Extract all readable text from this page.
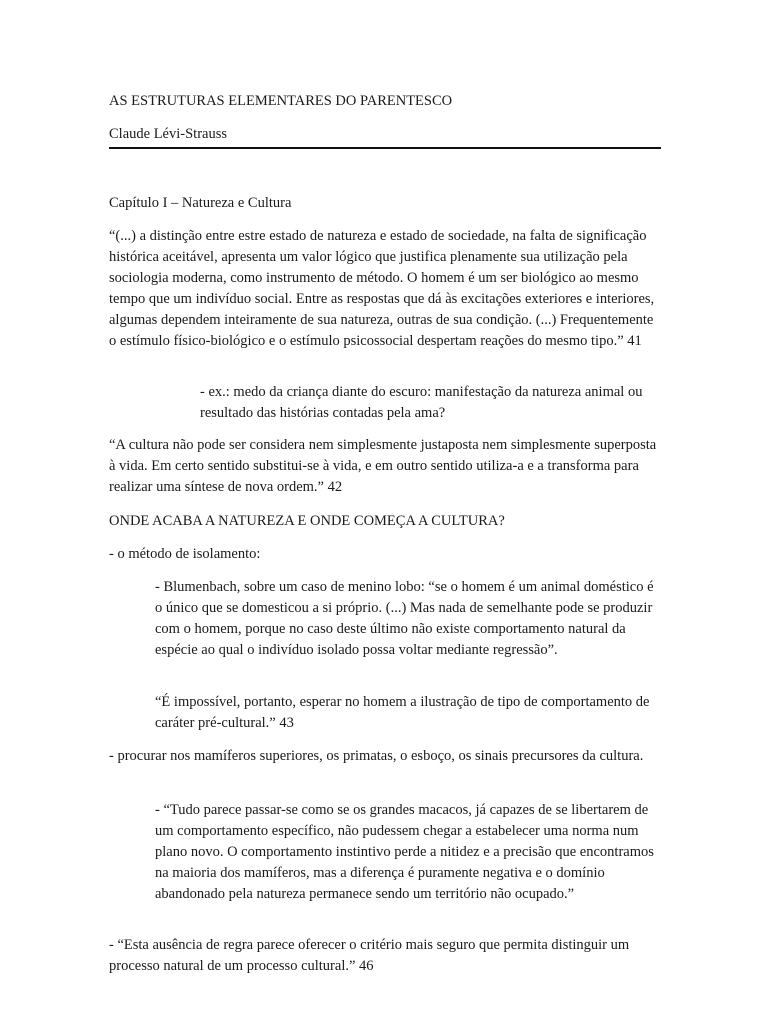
AS ESTRUTURAS ELEMENTARES DO PARENTESCO

Claude Lévi-Strauss

Capítulo I – Natureza e Cultura

“(...) a distinção entre estre estado de natureza e estado de sociedade, na falta de significação histórica aceitável, apresenta um valor lógico que justifica plenamente sua utilização pela sociologia moderna, como instrumento de método. O homem é um ser biológico ao mesmo tempo que um indivíduo social. Entre as respostas que dá às excitações exteriores e interiores, algumas dependem inteiramente de sua natureza, outras de sua condição. (...) Frequentemente o estímulo físico-biológico e o estímulo psicossocial despertam reações do mesmo tipo.” 41

- ex.: medo da criança diante do escuro: manifestação da natureza animal ou resultado das histórias contadas pela ama?

“A cultura não pode ser considera nem simplesmente justaposta nem simplesmente superposta à vida. Em certo sentido substitui-se à vida, e em outro sentido utiliza-a e a transforma para realizar uma síntese de nova ordem.” 42

ONDE ACABA A NATUREZA E ONDE COMEÇA A CULTURA?

- o método de isolamento:

- Blumenbach, sobre um caso de menino lobo: “se o homem é um animal doméstico é o único que se domesticou a si próprio. (...) Mas nada de semelhante pode se produzir com o homem, porque no caso deste último não existe comportamento natural da espécie ao qual o indivíduo isolado possa voltar mediante regressão”.

“É impossível, portanto, esperar no homem a ilustração de tipo de comportamento de caráter pré-cultural.” 43

- procurar nos mamíferos superiores, os primatas, o esboço, os sinais precursores da cultura.

- “Tudo parece passar-se como se os grandes macacos, já capazes de se libertarem de um comportamento específico, não pudessem chegar a estabelecer uma norma num plano novo. O comportamento instintivo perde a nitidez e a precisão que encontramos na maioria dos mamíferos, mas a diferença é puramente negativa e o domínio abandonado pela natureza permanece sendo um território não ocupado.”

- “Esta ausência de regra parece oferecer o critério mais seguro que permita distinguir um processo natural de um processo cultural.” 46
